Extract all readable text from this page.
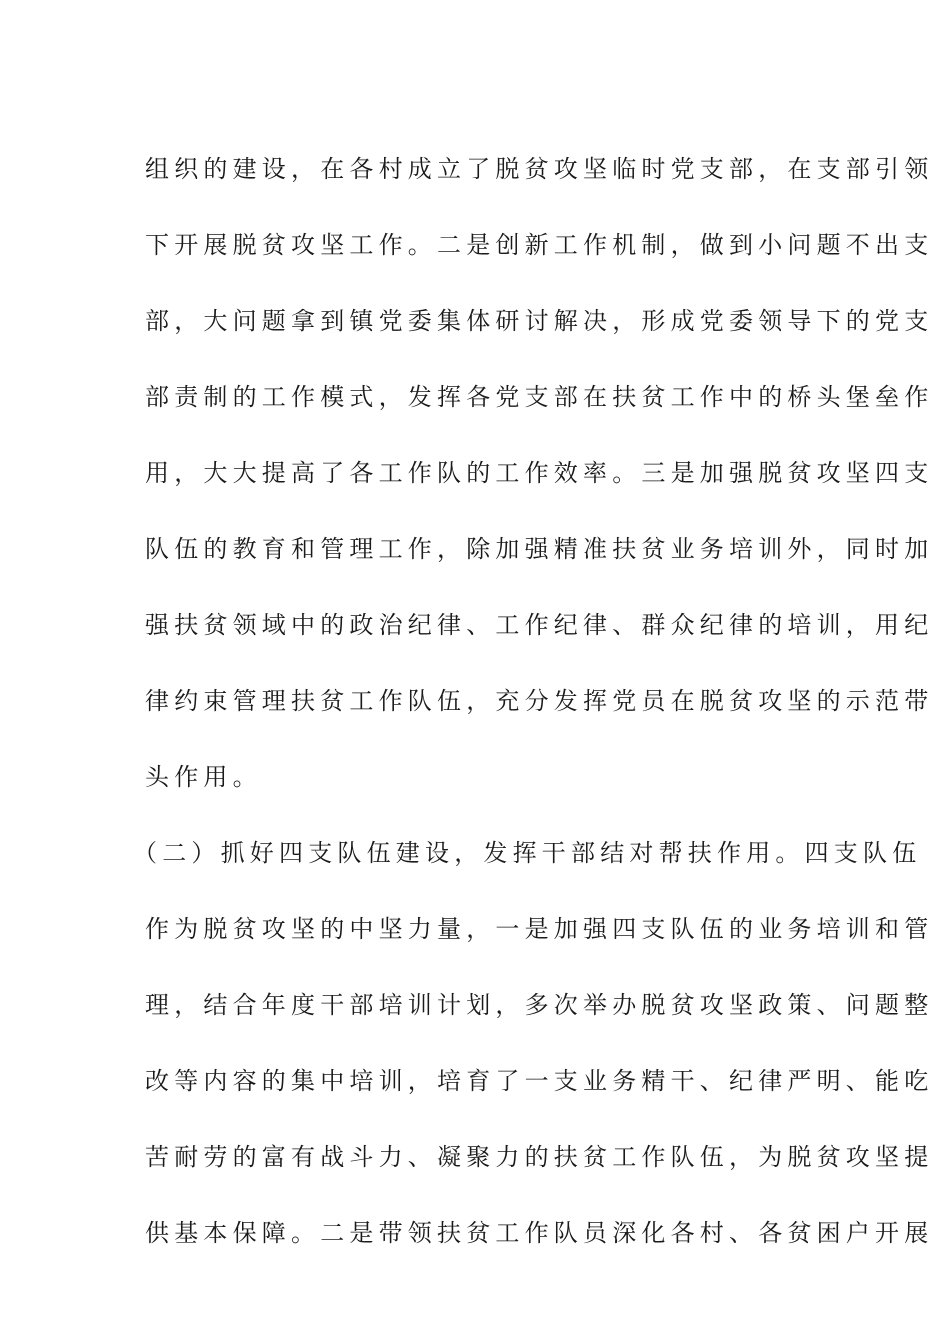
组织的建设，在各村成立了脱贫攻坚临时党支部，在支部引领
下开展脱贫攻坚工作。二是创新工作机制，做到小问题不出支
部，大问题拿到镇党委集体研讨解决，形成党委领导下的党支
部责制的工作模式，发挥各党支部在扶贫工作中的桥头堡垒作
用，大大提高了各工作队的工作效率。三是加强脱贫攻坚四支
队伍的教育和管理工作，除加强精准扶贫业务培训外，同时加
强扶贫领域中的政治纪律、工作纪律、群众纪律的培训，用纪
律约束管理扶贫工作队伍，充分发挥党员在脱贫攻坚的示范带
头作用。
（二）抓好四支队伍建设，发挥干部结对帮扶作用。四支队伍
作为脱贫攻坚的中坚力量，一是加强四支队伍的业务培训和管
理，结合年度干部培训计划，多次举办脱贫攻坚政策、问题整
改等内容的集中培训，培育了一支业务精干、纪律严明、能吃
苦耐劳的富有战斗力、凝聚力的扶贫工作队伍，为脱贫攻坚提
供基本保障。二是带领扶贫工作队员深化各村、各贫困户开展
